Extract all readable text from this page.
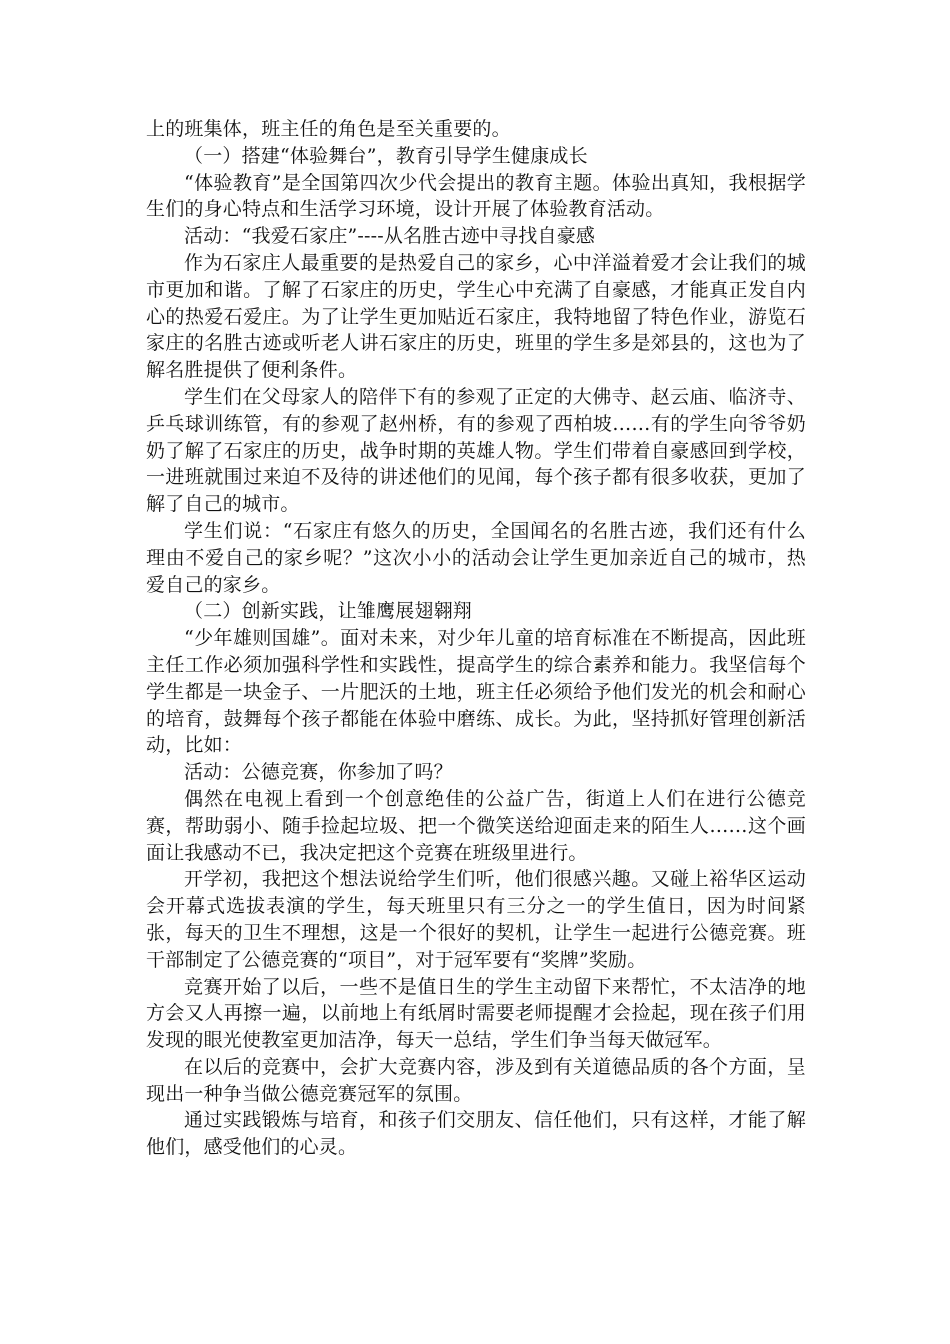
上的班集体，班主任的角色是至关重要的。

（一）搭建“体验舞台”，教育引导学生健康成长

“体验教育”是全国第四次少代会提出的教育主题。体验出真知，我根据学生们的身心特点和生活学习环境，设计开展了体验教育活动。

活动：“我爱石家庄”----从名胜古迹中寻找自豪感

作为石家庄人最重要的是热爱自己的家乡，心中洋溢着爱才会让我们的城市更加和谐。了解了石家庄的历史，学生心中充满了自豪感，才能真正发自内心的热爱石爱庄。为了让学生更加贴近石家庄，我特地留了特色作业，游览石家庄的名胜古迹或听老人讲石家庄的历史，班里的学生多是郊县的，这也为了解名胜提供了便利条件。

学生们在父母家人的陪伴下有的参观了正定的大佛寺、赵云庙、临济寺、乒乓球训练管，有的参观了赵州桥，有的参观了西柏坡……有的学生向爷爷奶奶了解了石家庄的历史，战争时期的英雄人物。学生们带着自豪感回到学校，一进班就围过来迫不及待的讲述他们的见闻，每个孩子都有很多收获，更加了解了自己的城市。

学生们说：“石家庄有悠久的历史，全国闻名的名胜古迹，我们还有什么理由不爱自己的家乡呢？”这次小小的活动会让学生更加亲近自己的城市，热爱自己的家乡。

（二）创新实践，让雏鹰展翅翱翔

“少年雄则国雄”。面对未来，对少年儿童的培育标准在不断提高，因此班主任工作必须加强科学性和实践性，提高学生的综合素养和能力。我坚信每个学生都是一块金子、一片肥沃的土地，班主任必须给予他们发光的机会和耐心的培育，鼓舞每个孩子都能在体验中磨练、成长。为此，坚持抓好管理创新活动，比如：

活动：公德竞赛，你参加了吗？

偶然在电视上看到一个创意绝佳的公益广告，街道上人们在进行公德竞赛，帮助弱小、随手捡起垃圾、把一个微笑送给迎面走来的陌生人……这个画面让我感动不已，我决定把这个竞赛在班级里进行。

开学初，我把这个想法说给学生们听，他们很感兴趣。又碰上裕华区运动会开幕式选拔表演的学生，每天班里只有三分之一的学生值日，因为时间紧张，每天的卫生不理想，这是一个很好的契机，让学生一起进行公德竞赛。班干部制定了公德竞赛的“项目”，对于冠军要有“奖牌”奖励。

竞赛开始了以后，一些不是值日生的学生主动留下来帮忙，不太洁净的地方会又人再擦一遍，以前地上有纸屑时需要老师提醒才会捡起，现在孩子们用发现的眼光使教室更加洁净，每天一总结，学生们争当每天做冠军。

在以后的竞赛中，会扩大竞赛内容，涉及到有关道德品质的各个方面，呈现出一种争当做公德竞赛冠军的氛围。

通过实践锻炼与培育，和孩子们交朋友、信任他们，只有这样，才能了解他们，感受他们的心灵。
